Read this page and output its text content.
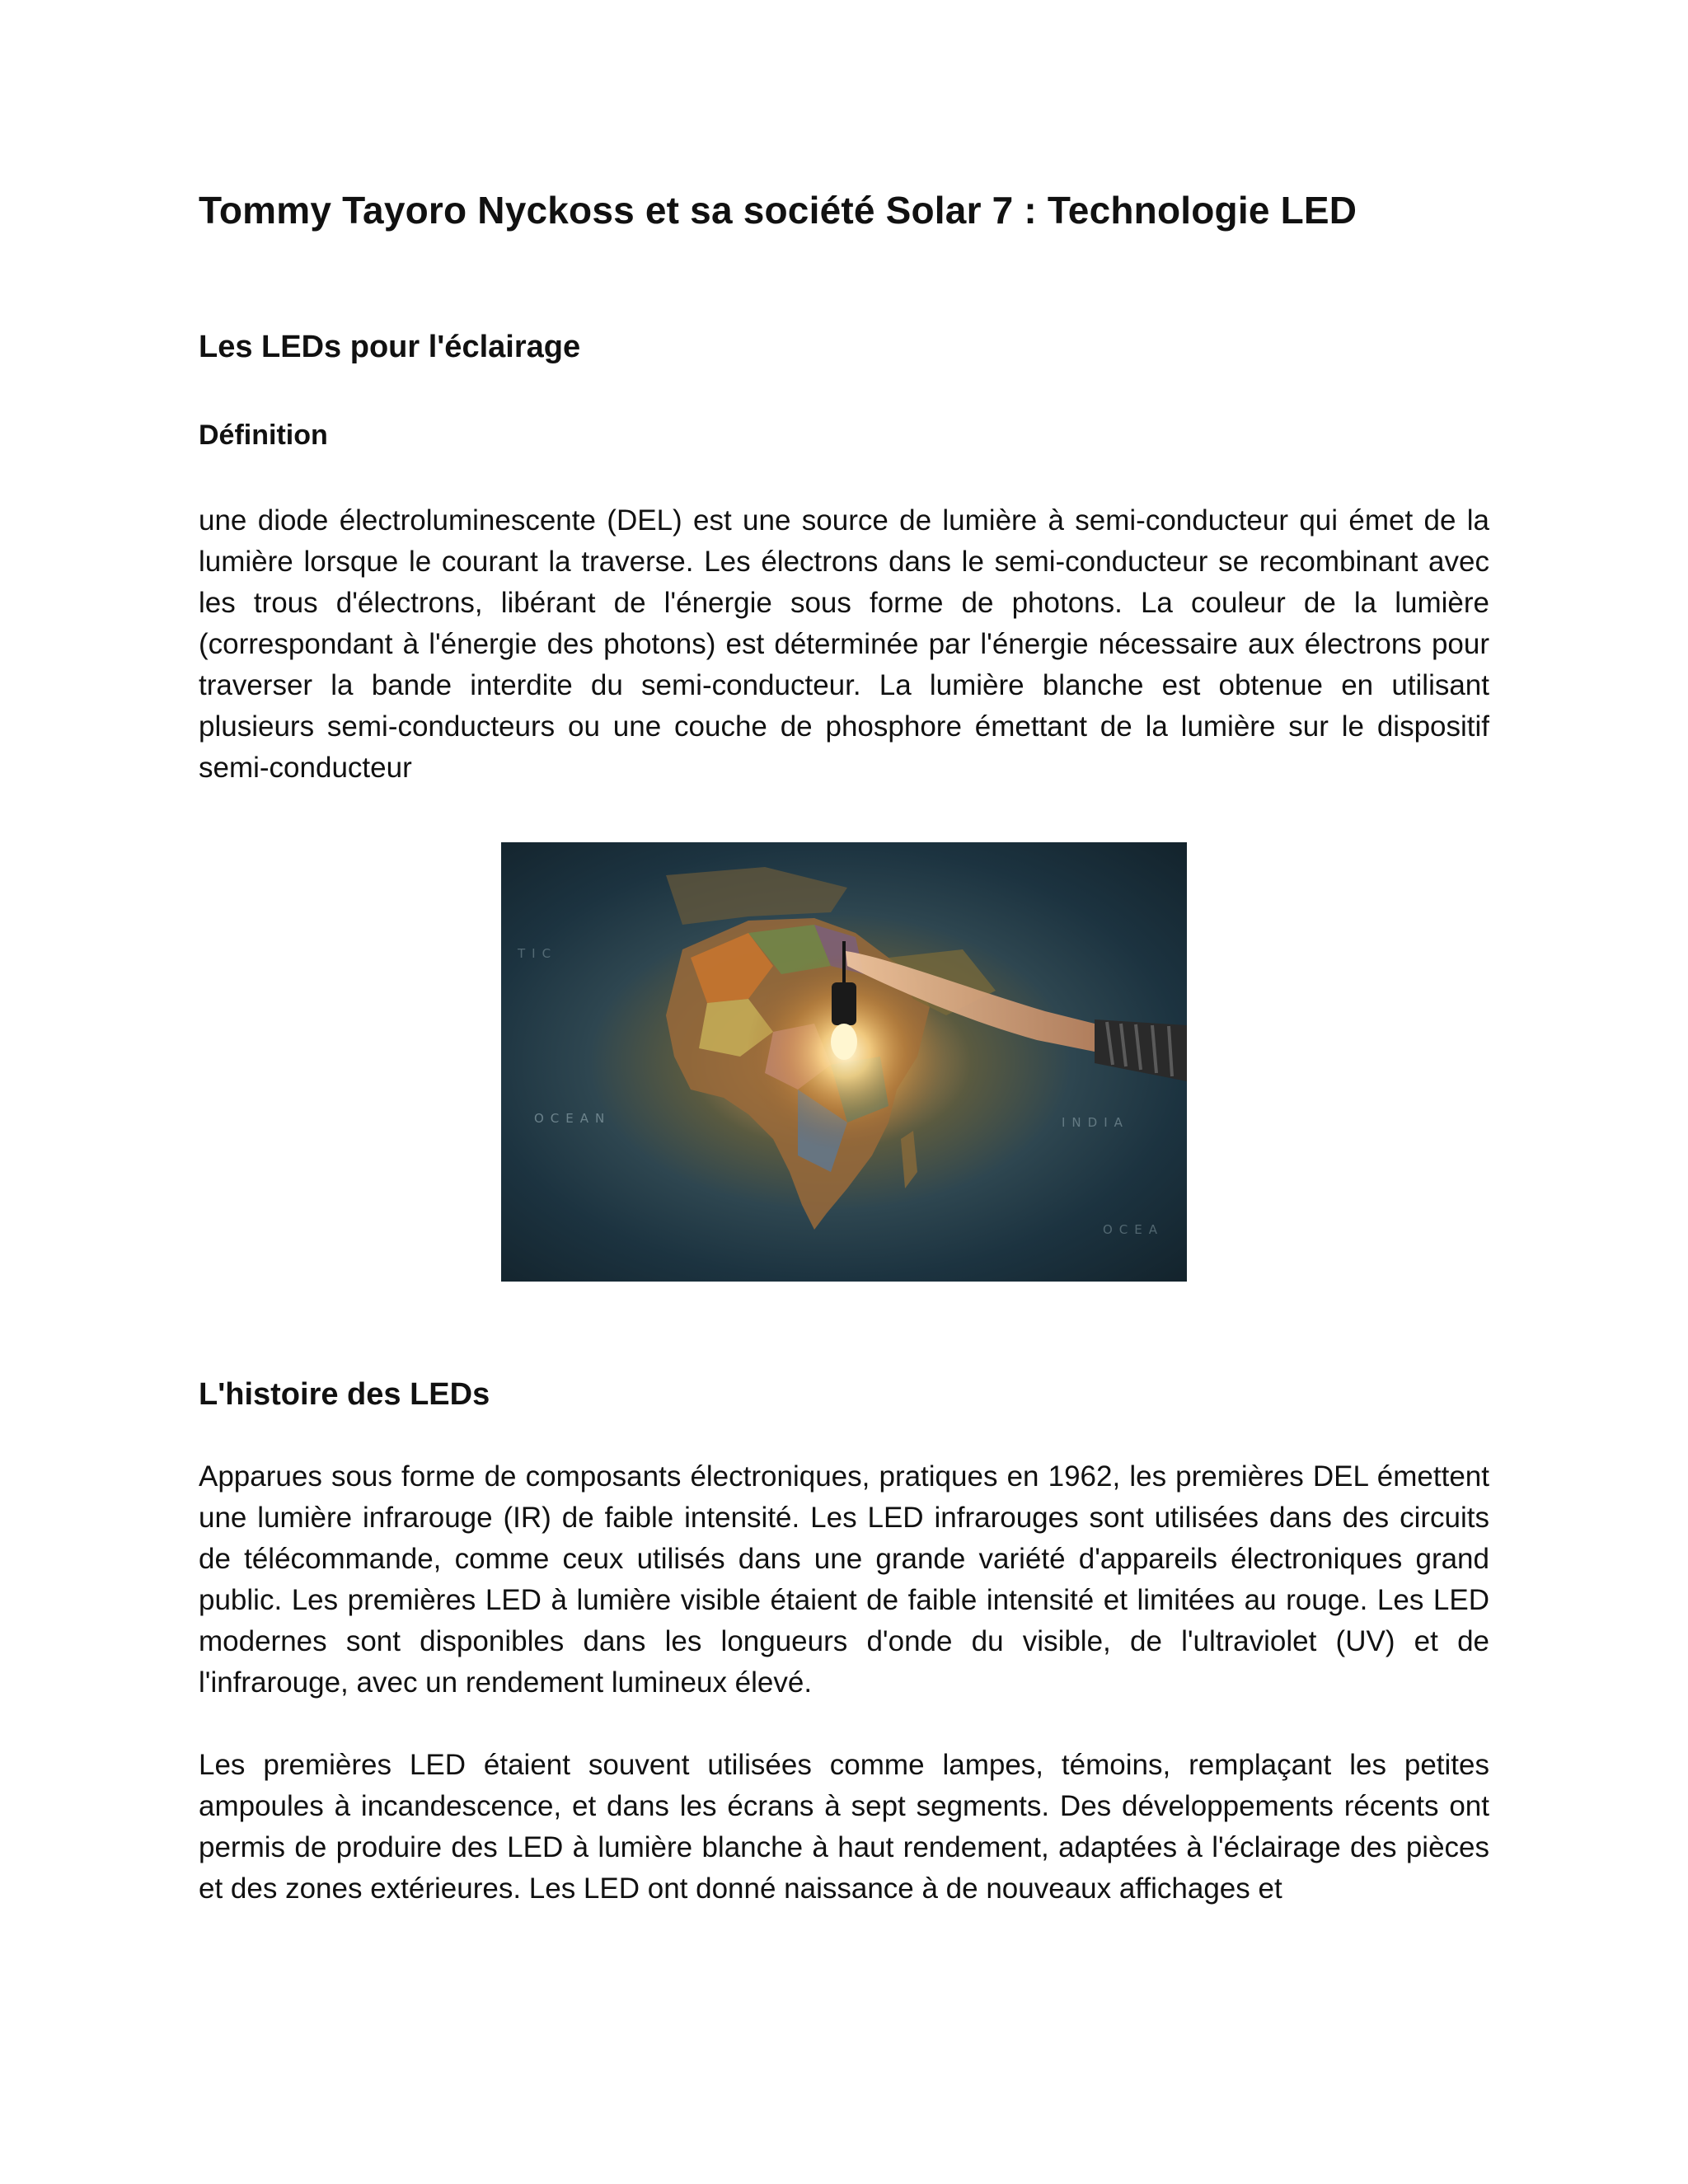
Tommy Tayoro Nyckoss et sa société Solar 7 : Technologie LED
Les LEDs pour l'éclairage
Définition

une diode électroluminescente (DEL) est une source de lumière à semi-conducteur qui émet de la lumière lorsque le courant la traverse. Les électrons dans le semi-conducteur se recombinant avec les trous d'électrons, libérant de l'énergie sous forme de photons. La couleur de la lumière (correspondant à l'énergie des photons) est déterminée par l'énergie nécessaire aux électrons pour traverser la bande interdite du semi-conducteur. La lumière blanche est obtenue en utilisant plusieurs semi-conducteurs ou une couche de phosphore émettant de la lumière sur le dispositif semi-conducteur

OCEAN	INDIA
OCEA
TIC
L'histoire des LEDs

Apparues sous forme de composants électroniques, pratiques en 1962, les premières DEL émettent une lumière infrarouge (IR) de faible intensité. Les LED infrarouges sont utilisées dans des circuits de télécommande, comme ceux utilisés dans une grande variété d'appareils électroniques grand public. Les premières LED à lumière visible étaient de faible intensité et limitées au rouge. Les LED modernes sont disponibles dans les longueurs d'onde du visible, de l'ultraviolet (UV) et de l'infrarouge, avec un rendement lumineux élevé.

Les premières LED étaient souvent utilisées comme lampes, témoins, remplaçant les petites ampoules à incandescence, et dans les écrans à sept segments. Des développements récents ont permis de produire des LED à lumière blanche à haut rendement, adaptées à l'éclairage des pièces et des zones extérieures. Les LED ont donné naissance à de nouveaux affichages et
